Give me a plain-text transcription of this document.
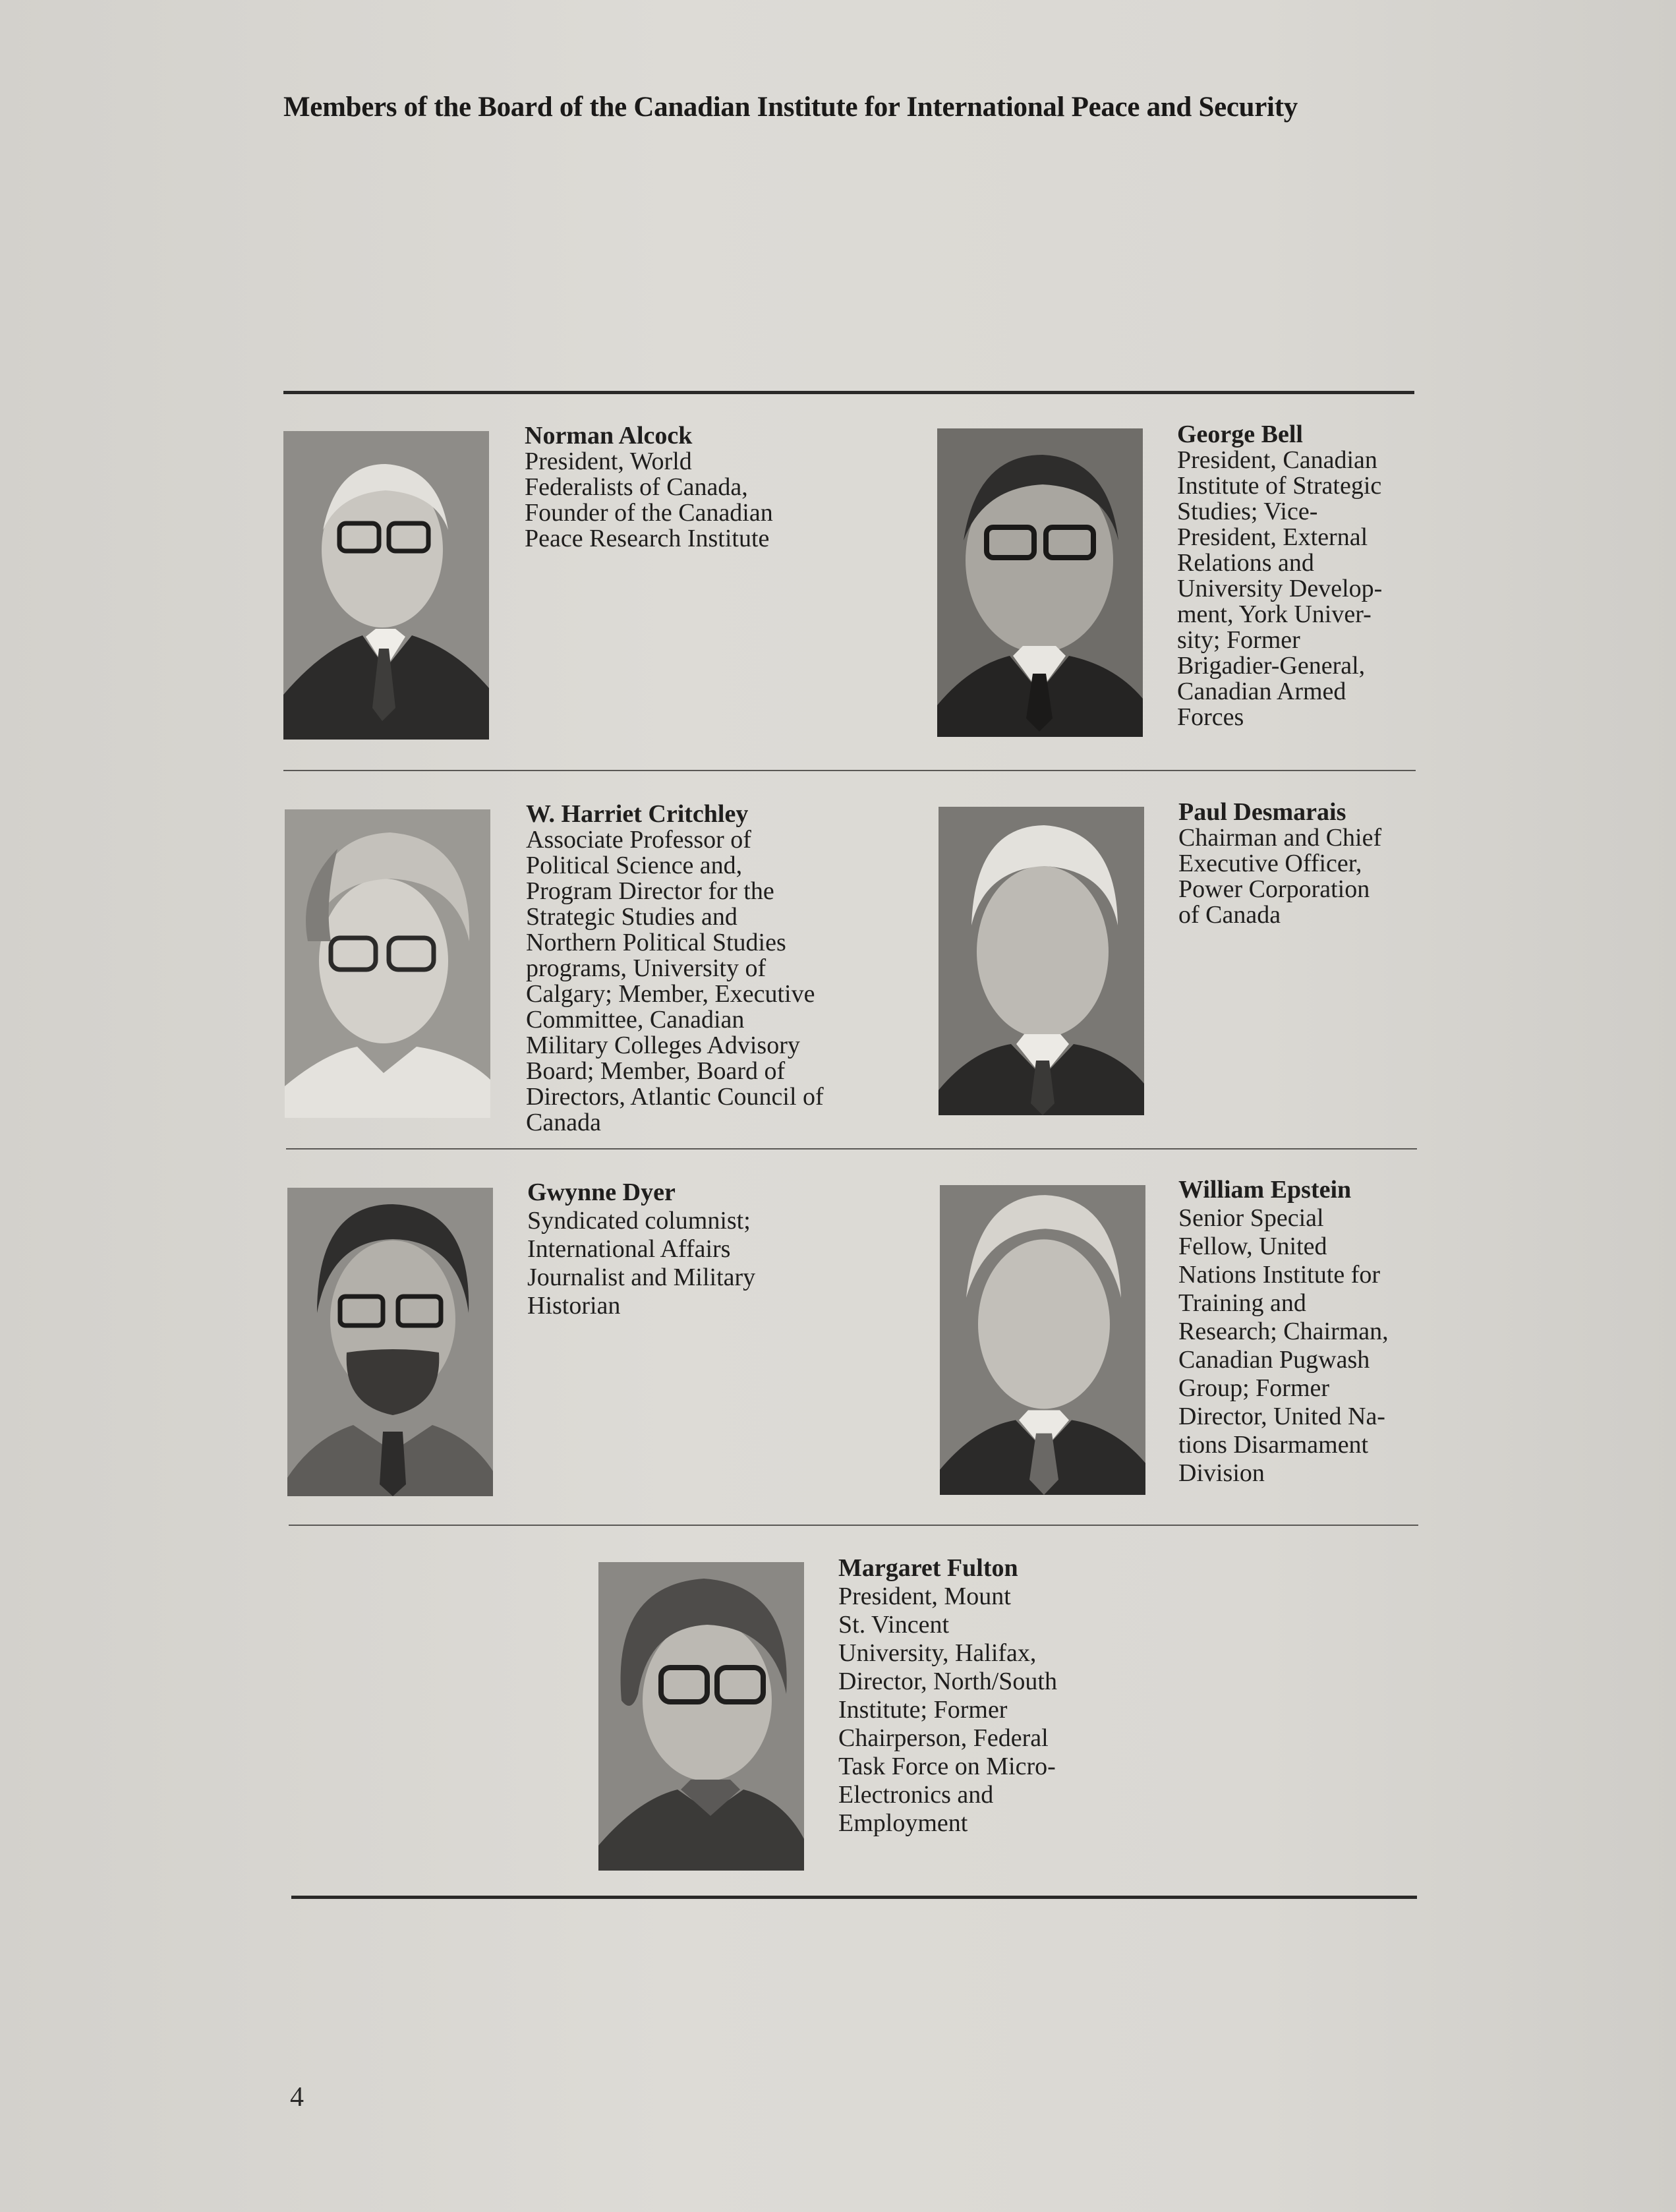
Members of the Board of the Canadian Institute for International Peace and Security
Norman Alcock
President, World
Federalists of Canada,
Founder of the Canadian
Peace Research Institute
George Bell
President, Canadian
Institute of Strategic
Studies; Vice-
President, External
Relations and
University Develop-
ment, York Univer-
sity; Former
Brigadier-General,
Canadian Armed
Forces
W. Harriet Critchley
Associate Professor of
Political Science and,
Program Director for the
Strategic Studies and
Northern Political Studies
programs, University of
Calgary; Member, Executive
Committee, Canadian
Military Colleges Advisory
Board; Member, Board of
Directors, Atlantic Council of
Canada
Paul Desmarais
Chairman and Chief
Executive Officer,
Power Corporation
of Canada
Gwynne Dyer
Syndicated columnist;
International Affairs
Journalist and Military
Historian
William Epstein
Senior Special
Fellow, United
Nations Institute for
Training and
Research; Chairman,
Canadian Pugwash
Group; Former
Director, United Na-
tions Disarmament
Division
Margaret Fulton
President, Mount
St. Vincent
University, Halifax,
Director, North/South
Institute; Former
Chairperson, Federal
Task Force on Micro-
Electronics and
Employment
4
